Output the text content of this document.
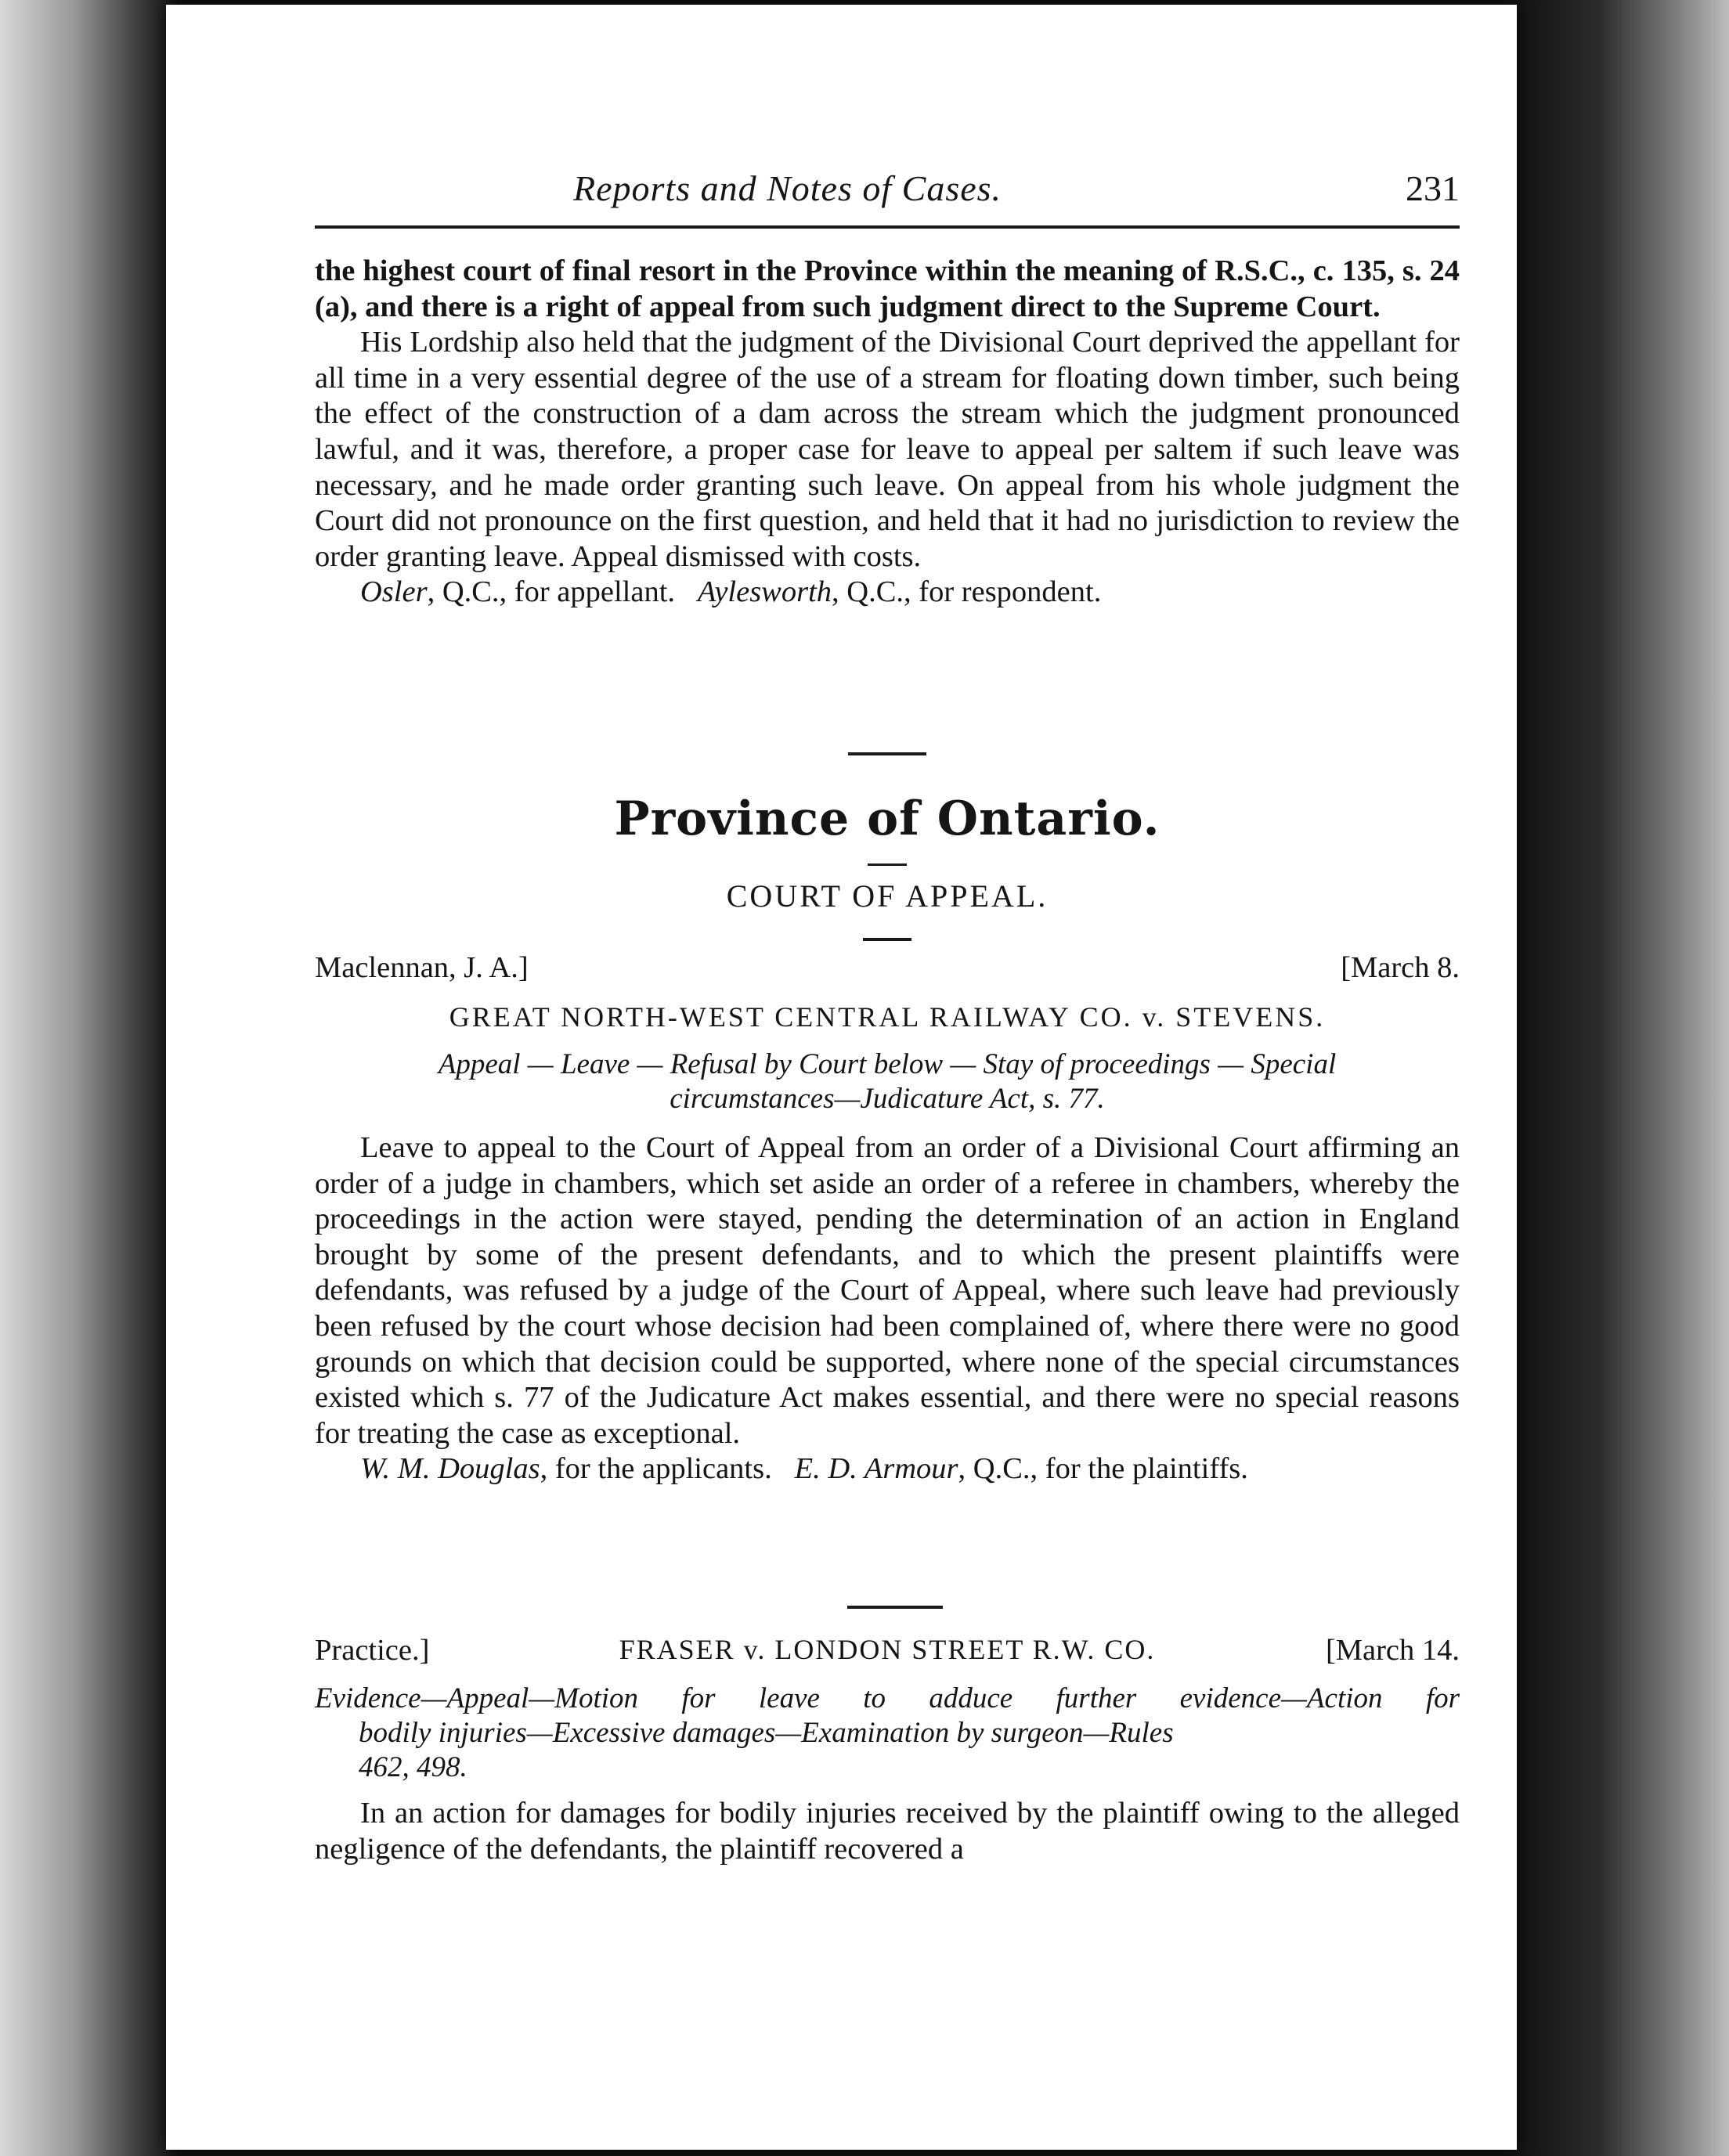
Reports and Notes of Cases.	231

the highest court of final resort in the Province within the meaning of R.S.C., c. 135, s. 24 (a), and there is a right of appeal from such judgment direct to the Supreme Court.

His Lordship also held that the judgment of the Divisional Court deprived the appellant for all time in a very essential degree of the use of a stream for floating down timber, such being the effect of the construction of a dam across the stream which the judgment pronounced lawful, and it was, therefore, a proper case for leave to appeal per saltem if such leave was necessary, and he made order granting such leave. On appeal from his whole judgment the Court did not pronounce on the first question, and held that it had no jurisdiction to review the order granting leave. Appeal dismissed with costs.

Osler, Q.C., for appellant. Aylesworth, Q.C., for respondent.

Province of Ontario.
COURT OF APPEAL.
Maclennan, J. A.]	[March 8.
GREAT NORTH-WEST CENTRAL RAILWAY CO. v. STEVENS.
Appeal — Leave — Refusal by Court below — Stay of proceedings — Special
circumstances—Judicature Act, s. 77.

Leave to appeal to the Court of Appeal from an order of a Divisional Court affirming an order of a judge in chambers, which set aside an order of a referee in chambers, whereby the proceedings in the action were stayed, pending the determination of an action in England brought by some of the present defendants, and to which the present plaintiffs were defendants, was refused by a judge of the Court of Appeal, where such leave had previously been refused by the court whose decision had been complained of, where there were no good grounds on which that decision could be supported, where none of the special circumstances existed which s. 77 of the Judicature Act makes essential, and there were no special reasons for treating the case as exceptional.

W. M. Douglas, for the applicants. E. D. Armour, Q.C., for the plaintiffs.

Practice.]	FRASER v. LONDON STREET R.W. CO.	[March 14.
Evidence—Appeal—Motion for leave to adduce further evidence—Action for
bodily injuries—Excessive damages—Examination by surgeon—Rules
462, 498.

In an action for damages for bodily injuries received by the plaintiff owing to the alleged negligence of the defendants, the plaintiff recovered a
